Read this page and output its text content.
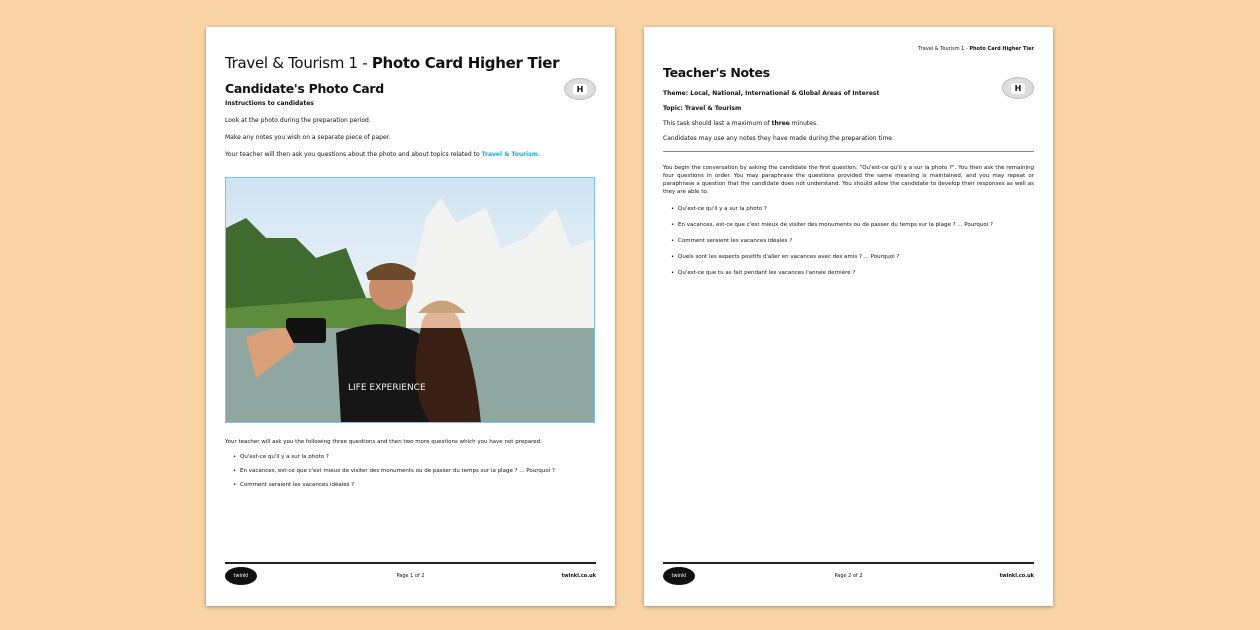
Travel & Tourism 1 - Photo Card Higher Tier
Candidate's Photo Card	H
Instructions to candidates
Look at the photo during the preparation period.
Make any notes you wish on a separate piece of paper.
Your teacher will then ask you questions about the photo and about topics related to Travel & Tourism.
LIFE EXPERIENCE
Your teacher will ask you the following three questions and then two more questions which you have not prepared.
• Qu'est-ce qu'il y a sur la photo ?
• En vacances, est-ce que c'est mieux de visiter des monuments ou de passer du temps sur la plage ? ... Pourquoi ?
• Comment seraient les vacances idéales ?
twinkl	Page 1 of 2	twinkl.co.uk
Travel & Tourism 1 - Photo Card Higher Tier
Teacher's Notes
H
Theme: Local, National, International & Global Areas of Interest
Topic: Travel & Tourism
This task should last a maximum of three minutes.
Candidates may use any notes they have made during the preparation time.
You begin the conversation by asking the candidate the first question: "Qu'est-ce qu'il y a sur la photo ?". You then ask the remaining four questions in order. You may paraphrase the questions provided the same meaning is maintained, and you may repeat or paraphrase a question that the candidate does not understand. You should allow the candidate to develop their responses as well as they are able to.
• Qu'est-ce qu'il y a sur la photo ?
• En vacances, est-ce que c'est mieux de visiter des monuments ou de passer du temps sur la plage ? ... Pourquoi ?
• Comment seraient les vacances idéales ?
• Quels sont les aspects positifs d'aller en vacances avec des amis ? ... Pourquoi ?
• Qu'est-ce que tu as fait pendant les vacances l'année dernière ?
twinkl	Page 2 of 2	twinkl.co.uk
